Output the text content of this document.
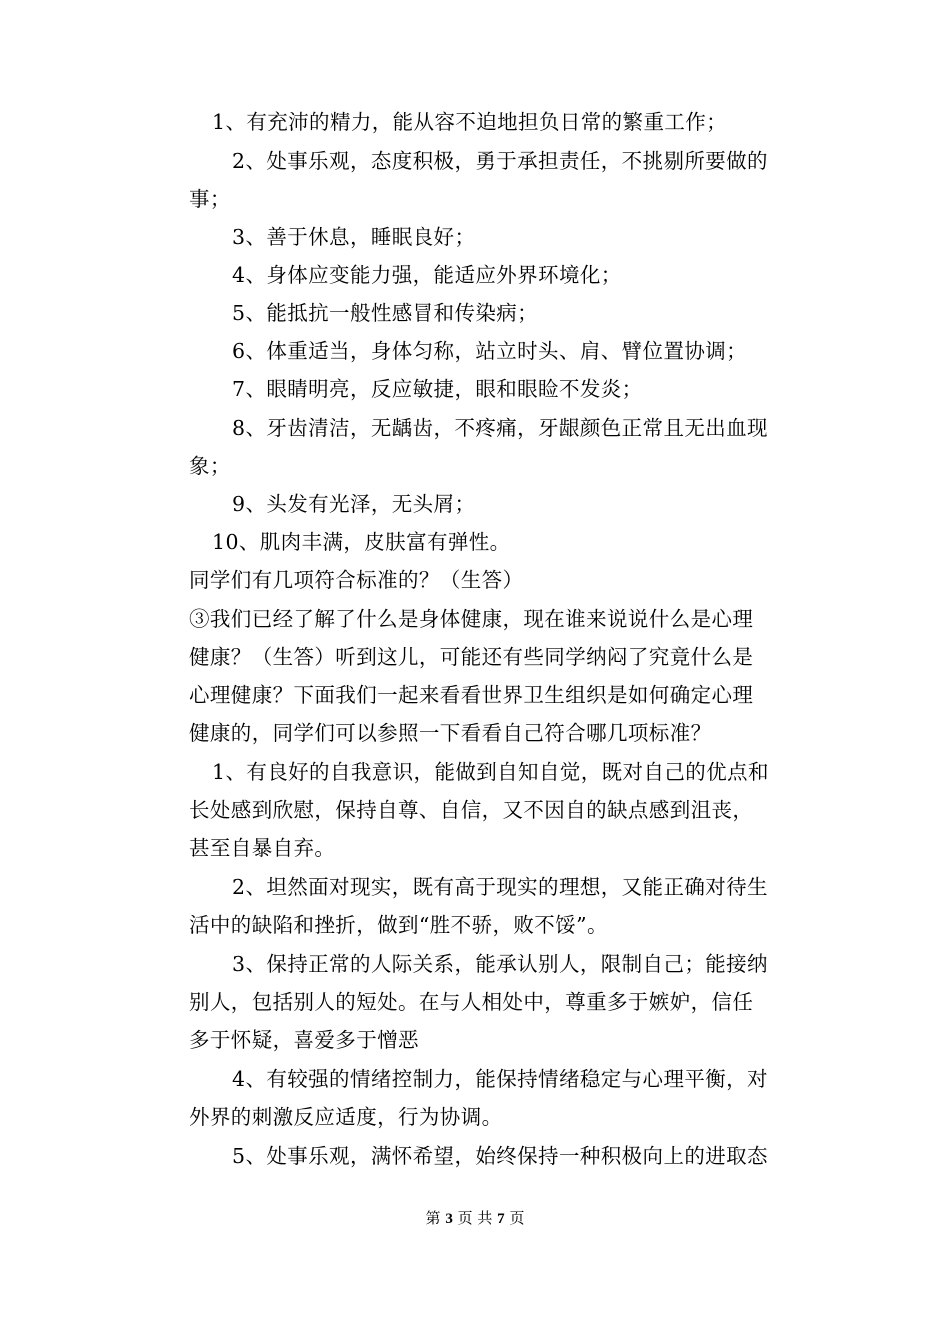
1、有充沛的精力，能从容不迫地担负日常的繁重工作；
2、处事乐观，态度积极，勇于承担责任，不挑剔所要做的
事；
3、善于休息，睡眠良好；
4、身体应变能力强，能适应外界环境化；
5、能抵抗一般性感冒和传染病；
6、体重适当，身体匀称，站立时头、肩、臂位置协调；
7、眼睛明亮，反应敏捷，眼和眼睑不发炎；
8、牙齿清洁，无龋齿，不疼痛，牙龈颜色正常且无出血现
象；
9、头发有光泽，无头屑；
10、肌肉丰满，皮肤富有弹性。
同学们有几项符合标准的？（生答）
③我们已经了解了什么是身体健康，现在谁来说说什么是心理
健康？（生答）听到这儿，可能还有些同学纳闷了究竟什么是
心理健康？下面我们一起来看看世界卫生组织是如何确定心理
健康的，同学们可以参照一下看看自己符合哪几项标准？
1、有良好的自我意识，能做到自知自觉，既对自己的优点和
长处感到欣慰，保持自尊、自信，又不因自的缺点感到沮丧，
甚至自暴自弃。
2、坦然面对现实，既有高于现实的理想，又能正确对待生
活中的缺陷和挫折，做到“胜不骄，败不馁”。
3、保持正常的人际关系，能承认别人，限制自己；能接纳
别人，包括别人的短处。在与人相处中，尊重多于嫉妒，信任
多于怀疑，喜爱多于憎恶
4、有较强的情绪控制力，能保持情绪稳定与心理平衡，对
外界的刺激反应适度，行为协调。
5、处事乐观，满怀希望，始终保持一种积极向上的进取态
第 3 页 共 7 页
